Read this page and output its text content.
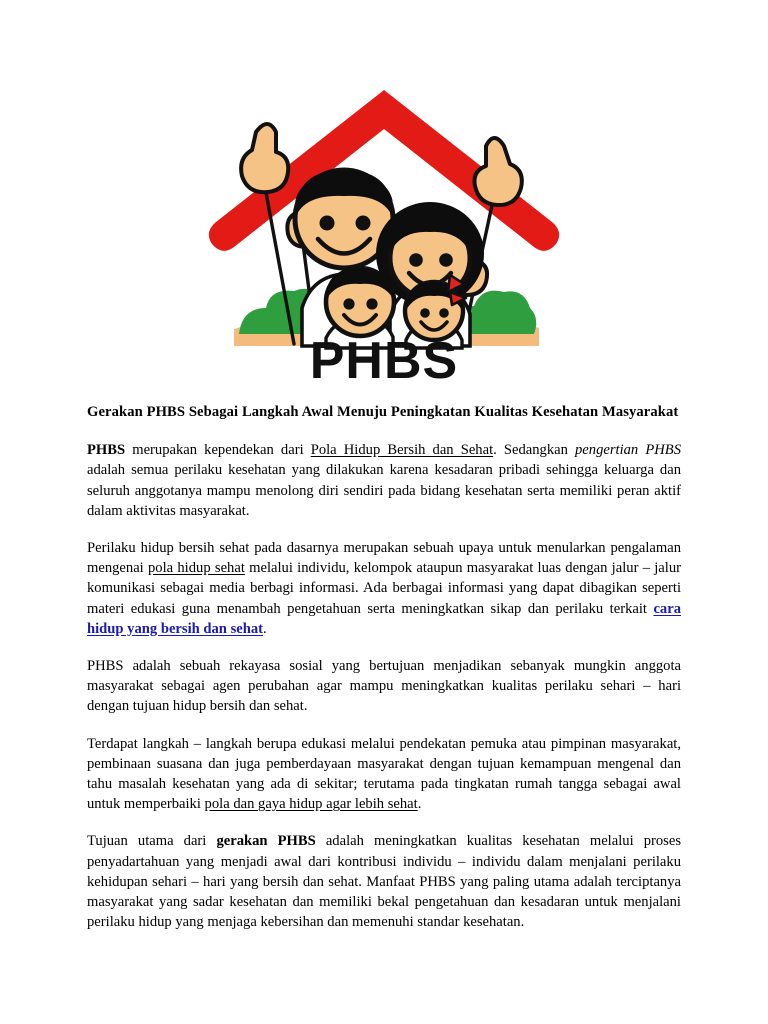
PHBS
Gerakan PHBS Sebagai Langkah Awal Menuju Peningkatan Kualitas Kesehatan Masyarakat

PHBS merupakan kependekan dari Pola Hidup Bersih dan Sehat. Sedangkan pengertian PHBS adalah semua perilaku kesehatan yang dilakukan karena kesadaran pribadi sehingga keluarga dan seluruh anggotanya mampu menolong diri sendiri pada bidang kesehatan serta memiliki peran aktif dalam aktivitas masyarakat.

Perilaku hidup bersih sehat pada dasarnya merupakan sebuah upaya untuk menularkan pengalaman mengenai pola hidup sehat melalui individu, kelompok ataupun masyarakat luas dengan jalur – jalur komunikasi sebagai media berbagi informasi. Ada berbagai informasi yang dapat dibagikan seperti materi edukasi guna menambah pengetahuan serta meningkatkan sikap dan perilaku terkait cara hidup yang bersih dan sehat.

PHBS adalah sebuah rekayasa sosial yang bertujuan menjadikan sebanyak mungkin anggota masyarakat sebagai agen perubahan agar mampu meningkatkan kualitas perilaku sehari – hari dengan tujuan hidup bersih dan sehat.

Terdapat langkah – langkah berupa edukasi melalui pendekatan pemuka atau pimpinan masyarakat, pembinaan suasana dan juga pemberdayaan masyarakat dengan tujuan kemampuan mengenal dan tahu masalah kesehatan yang ada di sekitar; terutama pada tingkatan rumah tangga sebagai awal untuk memperbaiki pola dan gaya hidup agar lebih sehat.

Tujuan utama dari gerakan PHBS adalah meningkatkan kualitas kesehatan melalui proses penyadartahuan yang menjadi awal dari kontribusi individu – individu dalam menjalani perilaku kehidupan sehari – hari yang bersih dan sehat. Manfaat PHBS yang paling utama adalah terciptanya masyarakat yang sadar kesehatan dan memiliki bekal pengetahuan dan kesadaran untuk menjalani perilaku hidup yang menjaga kebersihan dan memenuhi standar kesehatan.
